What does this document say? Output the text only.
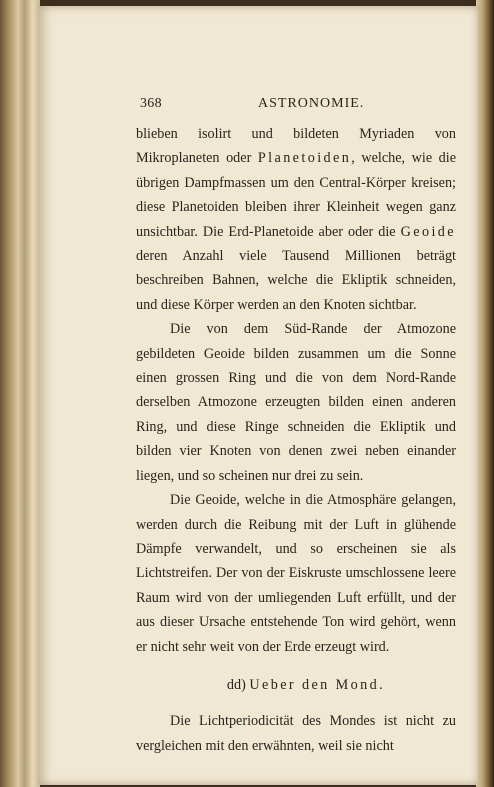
368	ASTRONOMIE.

blieben isolirt und bildeten Myriaden von Mikroplaneten oder Planetoiden, welche, wie die übrigen Dampfmassen um den Central-Körper kreisen; diese Planetoiden bleiben ihrer Kleinheit wegen ganz unsichtbar. Die Erd-Planetoide aber oder die Geoide deren Anzahl viele Tausend Millionen beträgt beschreiben Bahnen, welche die Ekliptik schneiden, und diese Körper werden an den Knoten sichtbar.

Die von dem Süd-Rande der Atmozone gebildeten Geoide bilden zusammen um die Sonne einen grossen Ring und die von dem Nord-Rande derselben Atmozone erzeugten bilden einen anderen Ring, und diese Ringe schneiden die Ekliptik und bilden vier Knoten von denen zwei neben einander liegen, und so scheinen nur drei zu sein.

Die Geoide, welche in die Atmosphäre gelangen, werden durch die Reibung mit der Luft in glühende Dämpfe verwandelt, und so erscheinen sie als Lichtstreifen. Der von der Eiskruste umschlossene leere Raum wird von der umliegenden Luft erfüllt, und der aus dieser Ursache entstehende Ton wird gehört, wenn er nicht sehr weit von der Erde erzeugt wird.

dd) Ueber den Mond.

Die Lichtperiodicität des Mondes ist nicht zu vergleichen mit den erwähnten, weil sie nicht
